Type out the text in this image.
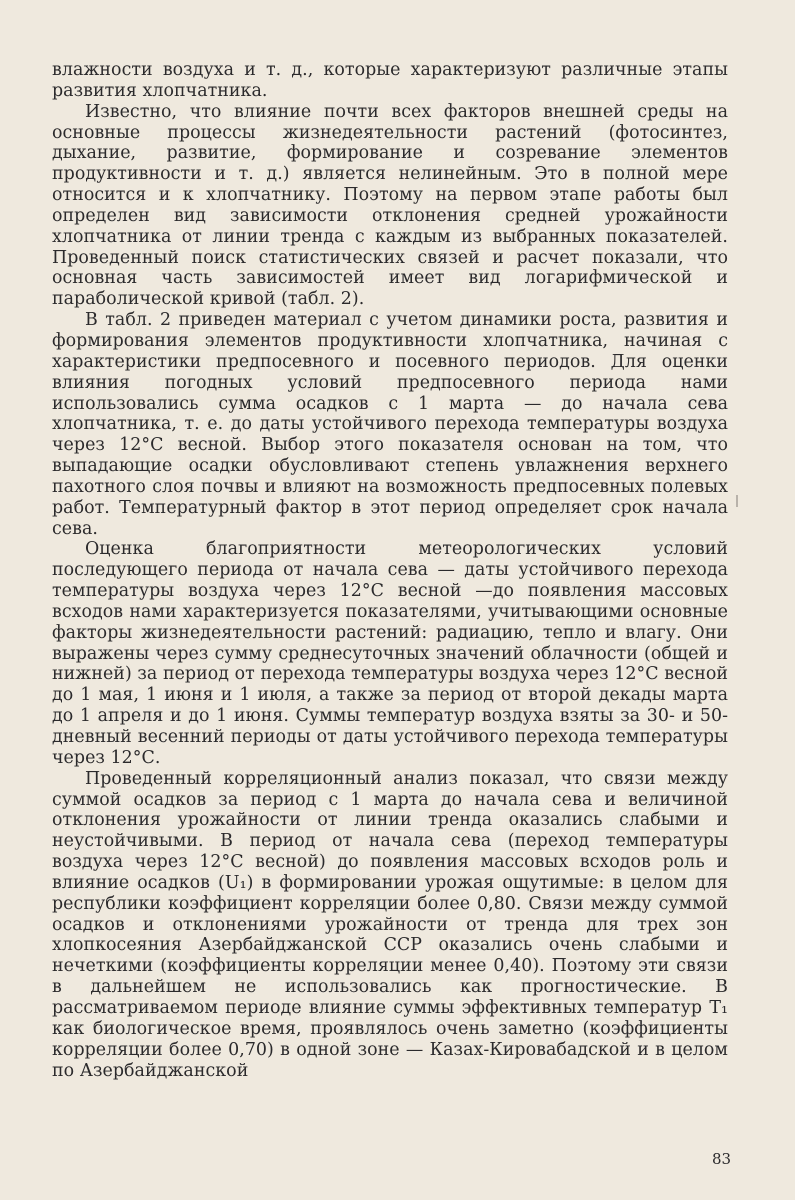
влажности воздуха и т. д., которые характеризуют различные этапы развития хлопчатника.

Известно, что влияние почти всех факторов внешней среды на основные процессы жизнедеятельности растений (фотосинтез, дыхание, развитие, формирование и созревание элементов продуктивности и т. д.) является нелинейным. Это в полной мере относится и к хлопчатнику. Поэтому на первом этапе работы был определен вид зависимости отклонения средней урожайности хлопчатника от линии тренда с каждым из выбранных показателей. Проведенный поиск статистических связей и расчет показали, что основная часть зависимостей имеет вид логарифмической и параболической кривой (табл. 2).

В табл. 2 приведен материал с учетом динамики роста, развития и формирования элементов продуктивности хлопчатника, начиная с характеристики предпосевного и посевного периодов. Для оценки влияния погодных условий предпосевного периода нами использовались сумма осадков с 1 марта — до начала сева хлопчатника, т. е. до даты устойчивого перехода температуры воздуха через 12°С весной. Выбор этого показателя основан на том, что выпадающие осадки обусловливают степень увлажнения верхнего пахотного слоя почвы и влияют на возможность предпосевных полевых работ. Температурный фактор в этот период определяет срок начала сева.

Оценка благоприятности метеорологических условий последующего периода от начала сева — даты устойчивого перехода температуры воздуха через 12°С весной —до появления массовых всходов нами характеризуется показателями, учитывающими основные факторы жизнедеятельности растений: радиацию, тепло и влагу. Они выражены через сумму среднесуточных значений облачности (общей и нижней) за период от перехода температуры воздуха через 12°С весной до 1 мая, 1 июня и 1 июля, а также за период от второй декады марта до 1 апреля и до 1 июня. Суммы температур воздуха взяты за 30- и 50-дневный весенний периоды от даты устойчивого перехода температуры через 12°С.

Проведенный корреляционный анализ показал, что связи между суммой осадков за период с 1 марта до начала сева и величиной отклонения урожайности от линии тренда оказались слабыми и неустойчивыми. В период от начала сева (переход температуры воздуха через 12°С весной) до появления массовых всходов роль и влияние осадков (U₁) в формировании урожая ощутимые: в целом для республики коэффициент корреляции более 0,80. Связи между суммой осадков и отклонениями урожайности от тренда для трех зон хлопкосеяния Азербайджанской ССР оказались очень слабыми и нечеткими (коэффициенты корреляции менее 0,40). Поэтому эти связи в дальнейшем не использовались как прогностические. В рассматриваемом периоде влияние суммы эффективных температур T₁ как биологическое время, проявлялось очень заметно (коэффициенты корреляции более 0,70) в одной зоне — Казах-Кировабадской и в целом по Азербайджанской

83
